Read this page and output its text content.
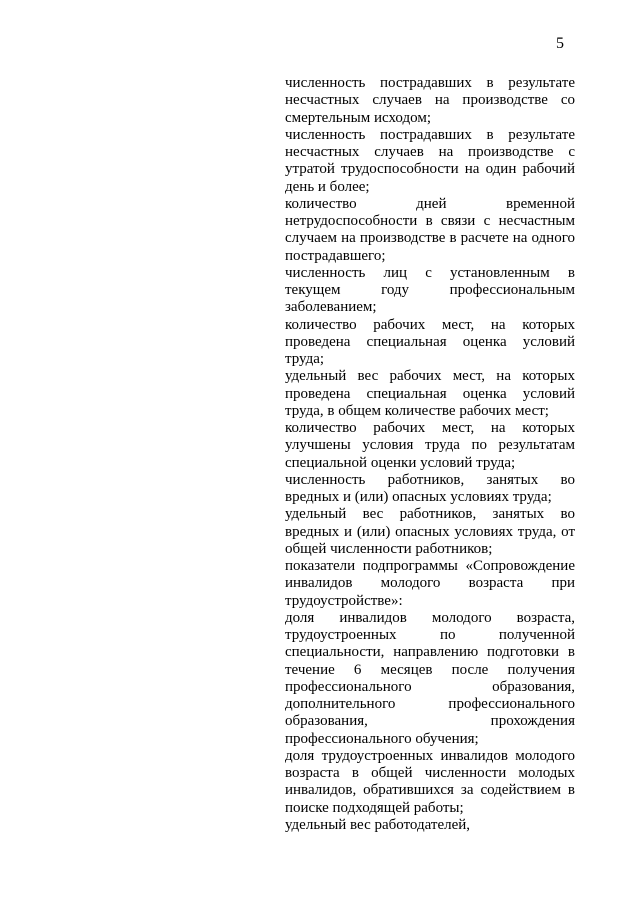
5

численность пострадавших в результате несчастных случаев на производстве со смертельным исходом;

численность пострадавших в результате несчастных случаев на производстве с утратой трудоспособности на один рабочий день и более;

количество дней временной нетрудоспособности в связи с несчастным случаем на производстве в расчете на одного пострадавшего;

численность лиц с установленным в текущем году профессиональным заболеванием;

количество рабочих мест, на которых проведена специальная оценка условий труда;

удельный вес рабочих мест, на которых проведена специальная оценка условий труда, в общем количестве рабочих мест;

количество рабочих мест, на которых улучшены условия труда по результатам специальной оценки условий труда;

численность работников, занятых во вредных и (или) опасных условиях труда;

удельный вес работников, занятых во вредных и (или) опасных условиях труда, от общей численности работников;

показатели подпрограммы «Сопровождение инвалидов молодого возраста при трудоустройстве»:

доля инвалидов молодого возраста, трудоустроенных по полученной специальности, направлению подготовки в течение 6 месяцев после получения профессионального образования, дополнительного профессионального образования, прохождения профессионального обучения;

доля трудоустроенных инвалидов молодого возраста в общей численности молодых инвалидов, обратившихся за содействием в поиске подходящей работы;

удельный вес работодателей,
